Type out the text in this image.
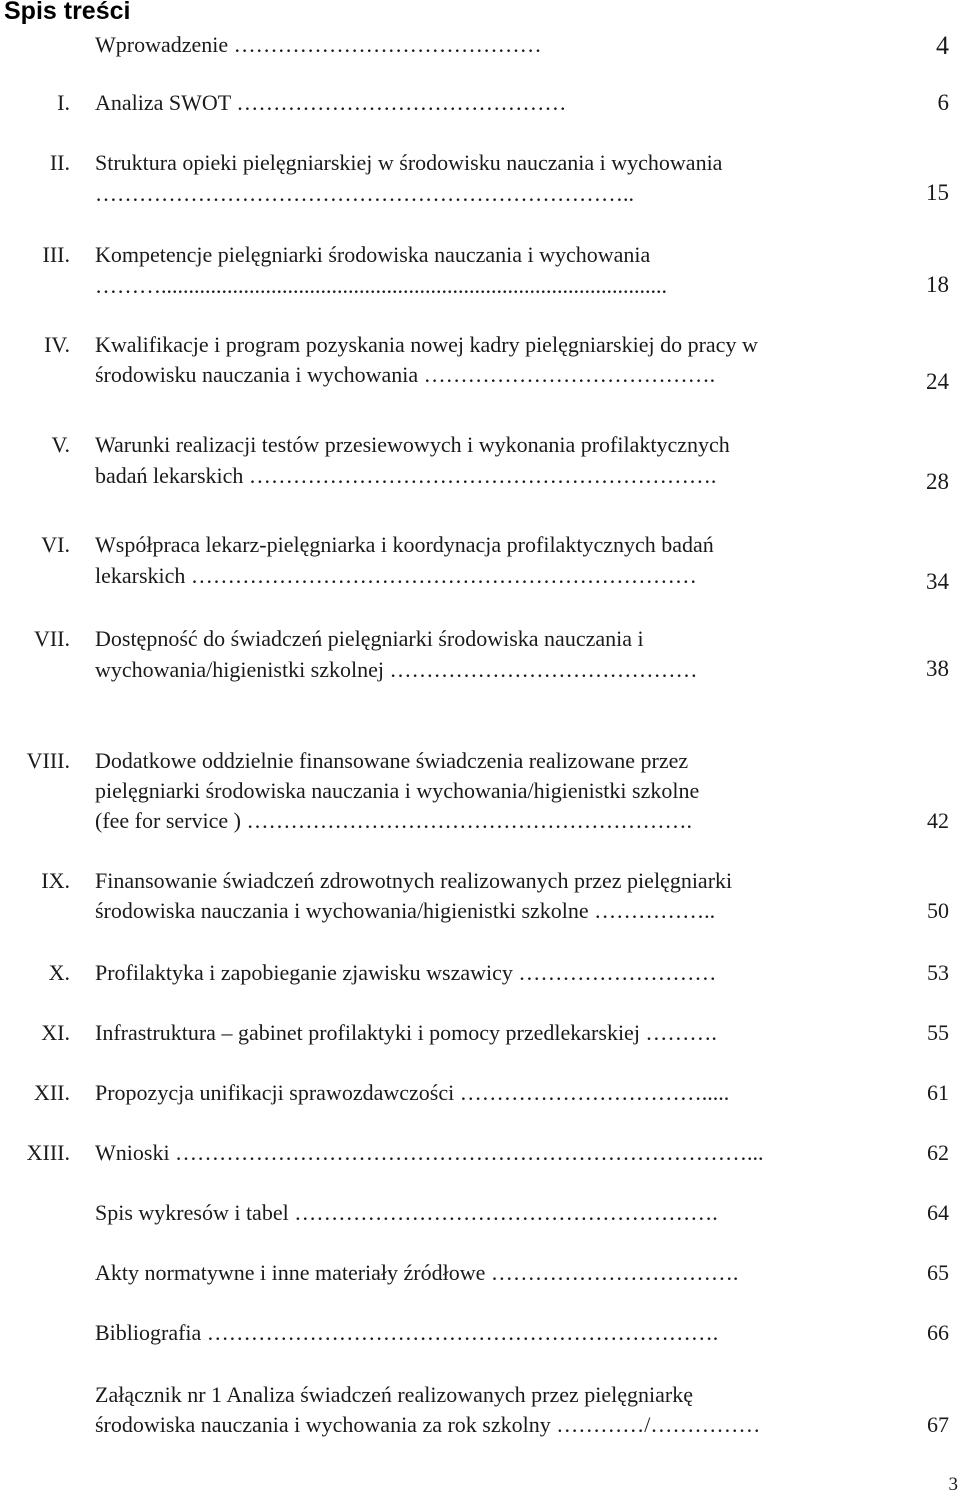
Spis treści
Wprowadzenie ……………………………………	4
I. Analiza SWOT ………………………………………	6
II. Struktura opieki pielęgniarskiej w środowisku nauczania i wychowania
………………………………………………………………..	15
III. Kompetencje pielęgniarki środowiska nauczania i wychowania
………............................................................................................	18
IV. Kwalifikacje i program pozyskania nowej kadry pielęgniarskiej do pracy w
środowisku nauczania i wychowania ………………………………….	24
V. Warunki realizacji testów przesiewowych i wykonania profilaktycznych
badań lekarskich ……………………………………………………….	28
VI. Współpraca lekarz-pielęgniarka i koordynacja profilaktycznych badań
lekarskich ……………………………………………………………	34
VII. Dostępność do świadczeń pielęgniarki środowiska nauczania i
wychowania/higienistki szkolnej ……………………………………	38
VIII. Dodatkowe oddzielnie finansowane świadczenia realizowane przez
pielęgniarki środowiska nauczania i wychowania/higienistki szkolne
(fee for service ) …………………………………………………….	42
IX. Finansowanie świadczeń zdrowotnych realizowanych przez pielęgniarki
środowiska nauczania i wychowania/higienistki szkolne ……………..	50
X. Profilaktyka i zapobieganie zjawisku wszawicy ………………………	53
XI. Infrastruktura – gabinet profilaktyki i pomocy przedlekarskiej ……….	55
XII. Propozycja unifikacji sprawozdawczości …………………………….....	61
XIII. Wnioski ……………………………………………………………………...	62
Spis wykresów i tabel ………………………………………………….	64
Akty normatywne i inne materiały źródłowe …………………………….	65
Bibliografia …………………………………………………………….	66
Załącznik nr 1 Analiza świadczeń realizowanych przez pielęgniarkę
środowiska nauczania i wychowania za rok szkolny …………/……………	67
3
